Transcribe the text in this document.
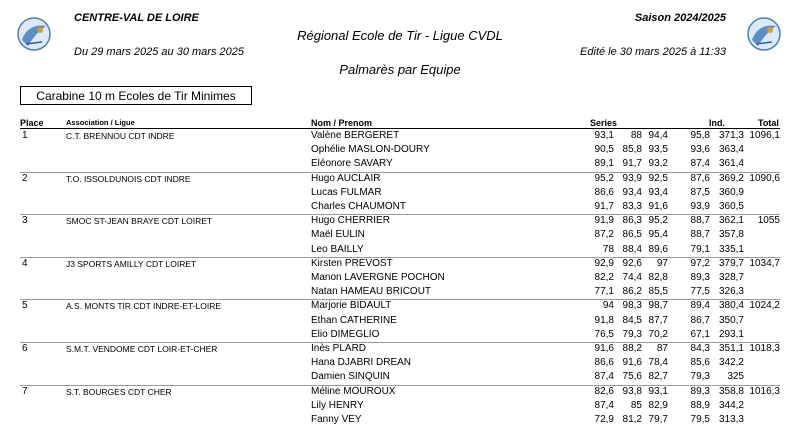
CENTRE-VAL DE LOIRE	Saison 2024/2025
Régional Ecole de Tir - Ligue CVDL
Du 29 mars 2025 au 30 mars 2025	Edité le 30 mars 2025 à 11:33
Palmarès par Equipe
Carabine 10 m Ecoles de Tir Minimes
Place	Association / Ligue	Nom / Prenom	Series	Ind.	Total
1	C.T. BRENNOU CDT INDRE	1096,1
Valène BERGERET	93,1 88 94,4 95,8 371,3
Ophélie MASLON-DOURY	90,5 85,8 93,5 93,6 363,4
Eléonore SAVARY	89,1 91,7 93,2 87,4 361,4
2	T.O. ISSOLDUNOIS CDT INDRE	1090,6
Hugo AUCLAIR	95,2 93,9 92,5 87,6 369,2
Lucas FULMAR	86,6 93,4 93,4 87,5 360,9
Charles CHAUMONT	91,7 83,3 91,6 93,9 360,5
3	SMOC ST-JEAN BRAYE CDT LOIRET	1055
Hugo CHERRIER	91,9 86,3 95,2 88,7 362,1
Maël EULIN	87,2 86,5 95,4 88,7 357,8
Leo BAILLY	78 88,4 89,6 79,1 335,1
4	J3 SPORTS AMILLY CDT LOIRET	1034,7
Kirsten PREVOST	92,9 92,6 97 97,2 379,7
Manon LAVERGNE POCHON	82,2 74,4 82,8 89,3 328,7
Natan HAMEAU BRICOUT	77,1 86,2 85,5 77,5 326,3
5	A.S. MONTS TIR CDT INDRE-ET-LOIRE	1024,2
Marjorie BIDAULT	94 98,3 98,7 89,4 380,4
Ethan CATHERINE	91,8 84,5 87,7 86,7 350,7
Elio DIMEGLIO	76,5 79,3 70,2 67,1 293,1
6	S.M.T. VENDOME CDT LOIR-ET-CHER	1018,3
Inès PLARD	91,6 88,2 87 84,3 351,1
Hana DJABRI DREAN	86,6 91,6 78,4 85,6 342,2
Damien SINQUIN	87,4 75,6 82,7 79,3 325
7	S.T. BOURGES CDT CHER	1016,3
Méline MOUROUX	82,6 93,8 93,1 89,3 358,8
Lily HENRY	87,4 85 82,9 88,9 344,2
Fanny VEY	72,9 81,2 79,7 79,5 313,3
